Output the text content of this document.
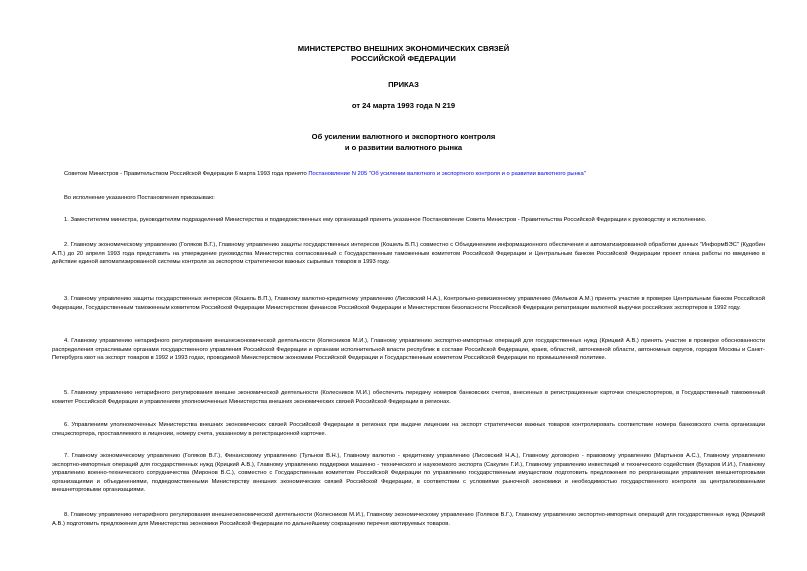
МИНИСТЕРСТВО ВНЕШНИХ ЭКОНОМИЧЕСКИХ СВЯЗЕЙ
РОССИЙСКОЙ ФЕДЕРАЦИИ
ПРИКАЗ
от 24 марта 1993 года N 219
Об усилении валютного и экспортного контроля
и о развитии валютного рынка
Советом Министров - Правительством Российской Федерации 6 марта 1993 года принято Постановление N 205 "Об усилении валютного и экспортного контроля и о развитии валютного рынка"
Во исполнение указанного Постановления приказываю:
1. Заместителям министра, руководителям подразделений Министерства и подведомственных ему организаций принять указанное Постановление Совета Министров - Правительства Российской Федерации к руководству и исполнению.
2. Главному экономическому управлению (Голяков В.Г.), Главному управлению защиты государственных интересов (Кошель В.П.) совместно с Объединением информационного обеспечения и автоматизированной обработки данных "ИнформВЭС" (Кудобин А.П.) до 20 апреля 1993 года представить на утверждение руководства Министерства согласованный с Государственным таможенным комитетом Российской Федерации и Центральным банком Российской Федерации проект плана работы по введению в действие единой автоматизированной системы контроля за экспортом стратегически важных сырьевых товаров в 1993 году.
3. Главному управлению защиты государственных интересов (Кошель В.П.), Главному валютно-кредитному управлению (Лисовский Н.А.), Контрольно-ревизионному управлению (Мельков А.М.) принять участие в проверке Центральным банком Российской Федерации, Государственным таможенным комитетом Российской Федерации Министерством финансов Российской Федерации и Министерством безопасности Российской Федерации репатриации валютной выручки российских экспортеров в 1992 году.
4. Главному управлению нетарифного регулирования внешнеэкономической деятельности (Колесников М.И.), Главному управлению экспортно-импортных операций для государственных нужд (Крицкий А.В.) принять участие в проверке обоснованности распределения отраслевыми органами государственного управления Российской Федерации и органами исполнительной власти республик в составе Российской Федерации, краев, областей, автономной области, автономных округов, городов Москвы и Санкт-Петербурга квот на экспорт товаров в 1992 и 1993 годах, проводимой Министерством экономики Российской Федерации и Государственным комитетом Российской Федерации по промышленной политике.
5. Главному управлению нетарифного регулирования внешне экономической деятельности (Колесников М.И.) обеспечить передачу номеров банковских счетов, внесенных в регистрационные карточки спецэкспортеров, в Государственный таможенный комитет Российской Федерации и управлениям уполномоченных Министерства внешних экономических связей Российской Федерации в регионах.
6. Управлениям уполномоченных Министерства внешних экономических связей Российской Федерации в регионах при выдаче лицензии на экспорт стратегически важных товаров контролировать соответствие номера банковского счета организации спецэкспортера, проставляемого в лицензии, номеру счета, указанному в регистрационной карточке.
7. Главному экономическому управлению (Голяков В.Г.), Финансовому управлению (Тульнов В.Н.), Главному валютно - кредитному управлению (Лисовский Н.А.), Главному договорно - правовому управлению (Мартынов А.С.), Главному управлению экспортно-импортных операций для государственных нужд (Крицкий А.В.), Главному управлению поддержки машинно - технического и наукоемкого экспорта (Сакулин Г.И.), Главному управлению инвестиций и технического содействия (Бухаров И.И.), Главному управлению военно-технического сотрудничества (Миронов В.С.), совместно с Государственным комитетом Российской Федерации по управлению государственным имуществом подготовить предложения по реорганизации управления внешнеторговыми организациями и объединениями, подведомственными Министерству внешних экономических связей Российской Федерации, в соответствии с условиями рыночной экономики и необходимостью государственного контроля за централизованными внешнеторговыми организациями.
8. Главному управлению нетарифного регулирования внешнеэкономической деятельности (Колесников М.И.), Главному экономическому управлению (Голяков В.Г.), Главному управлению экспортно-импортных операций для государственных нужд (Крицкий А.В.) подготовить предложения для Министерства экономики Российской Федерации по дальнейшему сокращению перечня квотируемых товаров.
